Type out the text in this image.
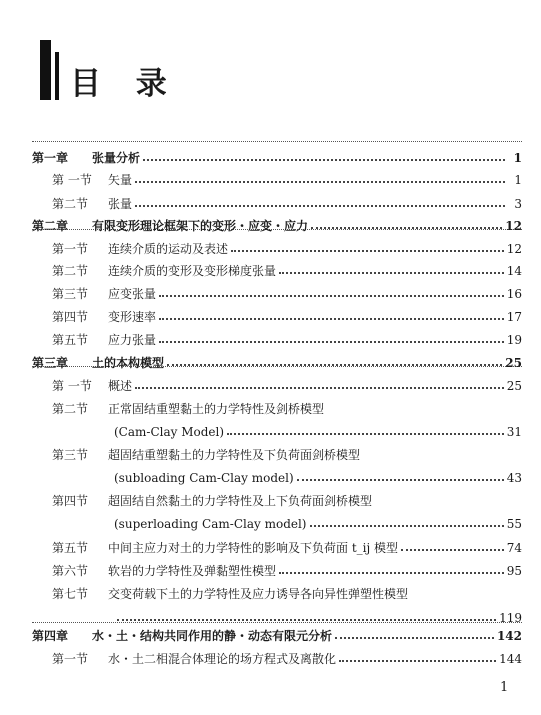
目 录
第一章	张量分析	1
第 一节	矢量	1
第二节	张量	3
第二章	有限变形理论框架下的变形・应变・应力	12
第一节	连续介质的运动及表述	12
第二节	连续介质的变形及变形梯度张量	14
第三节	应变张量	16
第四节	变形速率	17
第五节	应力张量	19
第三章	土的本构模型	25
第 一节	概述	25
第二节	正常固结重塑黏土的力学特性及剑桥模型
(Cam-Clay Model)	31
第三节	超固结重塑黏土的力学特性及下负荷面剑桥模型
(subloading Cam-Clay model)	43
第四节	超固结自然黏土的力学特性及上下负荷面剑桥模型
(superloading Cam-Clay model)	55
第五节	中间主应力对土的力学特性的影响及下负荷面 t_ij 模型	74
第六节	软岩的力学特性及弹黏塑性模型	95
第七节	交变荷载下土的力学特性及应力诱导各向异性弹塑性模型
119
第四章	水・土・结构共同作用的静・动态有限元分析	142
第一节	水・土二相混合体理论的场方程式及离散化	144
1
